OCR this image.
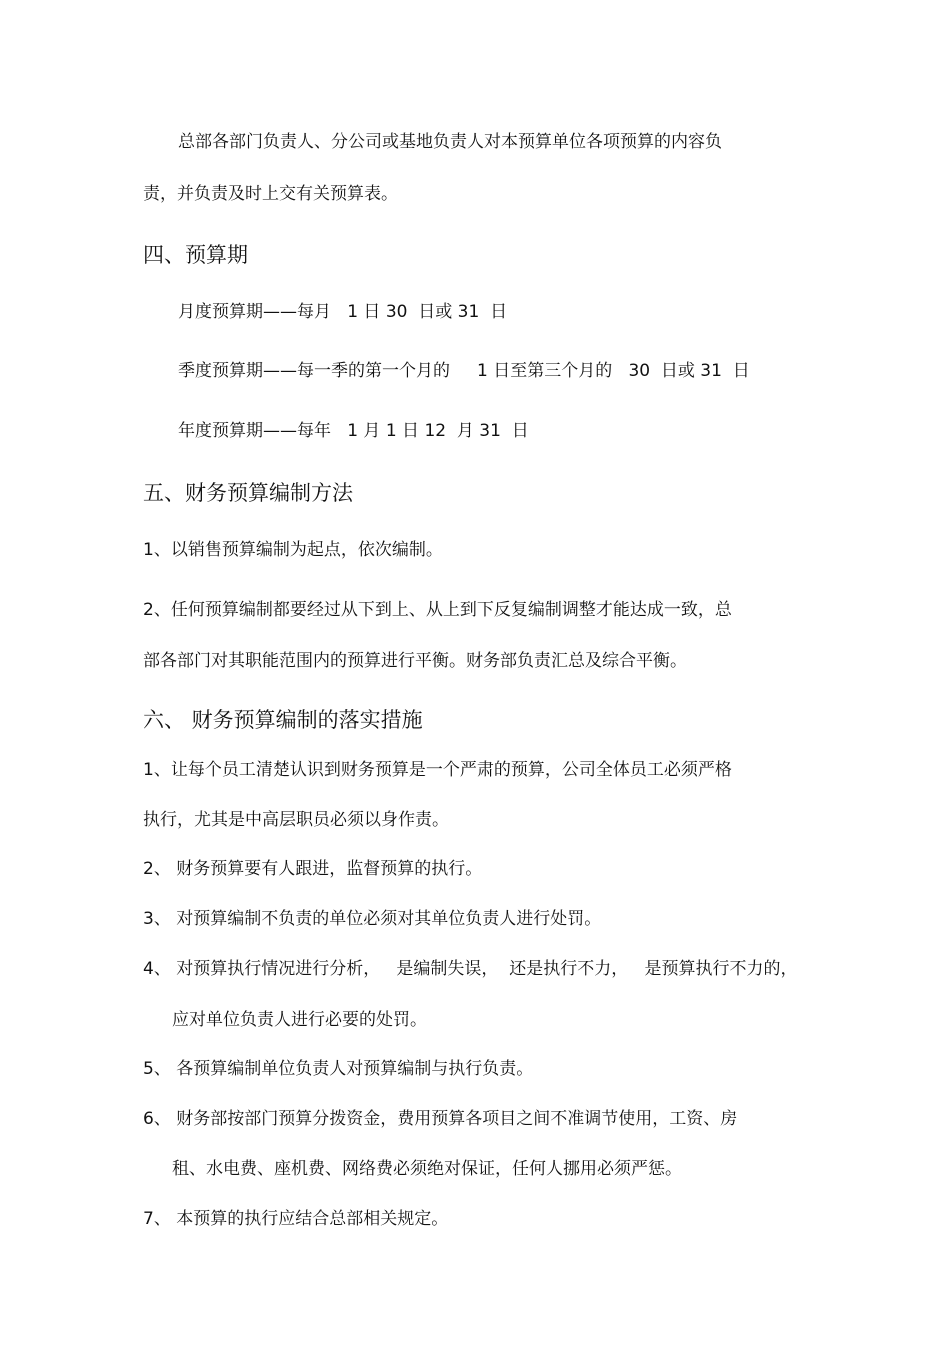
总部各部门负责人、分公司或基地负责人对本预算单位各项预算的内容负
责，并负责及时上交有关预算表。
四、预算期
月度预算期——每月   1 日 30  日或 31  日
季度预算期——每一季的第一个月的     1 日至第三个月的   30  日或 31  日
年度预算期——每年   1 月 1 日 12  月 31  日
五、财务预算编制方法
1、以销售预算编制为起点，依次编制。
2、任何预算编制都要经过从下到上、从上到下反复编制调整才能达成一致，总
部各部门对其职能范围内的预算进行平衡。财务部负责汇总及综合平衡。
六、 财务预算编制的落实措施
1、让每个员工清楚认识到财务预算是一个严肃的预算，公司全体员工必须严格
执行，尤其是中高层职员必须以身作责。
2、 财务预算要有人跟进，监督预算的执行。
3、 对预算编制不负责的单位必须对其单位负责人进行处罚。
4、 对预算执行情况进行分析，   是编制失误，  还是执行不力，   是预算执行不力的，
应对单位负责人进行必要的处罚。
5、 各预算编制单位负责人对预算编制与执行负责。
6、 财务部按部门预算分拨资金，费用预算各项目之间不准调节使用，工资、房
租、水电费、座机费、网络费必须绝对保证，任何人挪用必须严惩。
7、 本预算的执行应结合总部相关规定。
